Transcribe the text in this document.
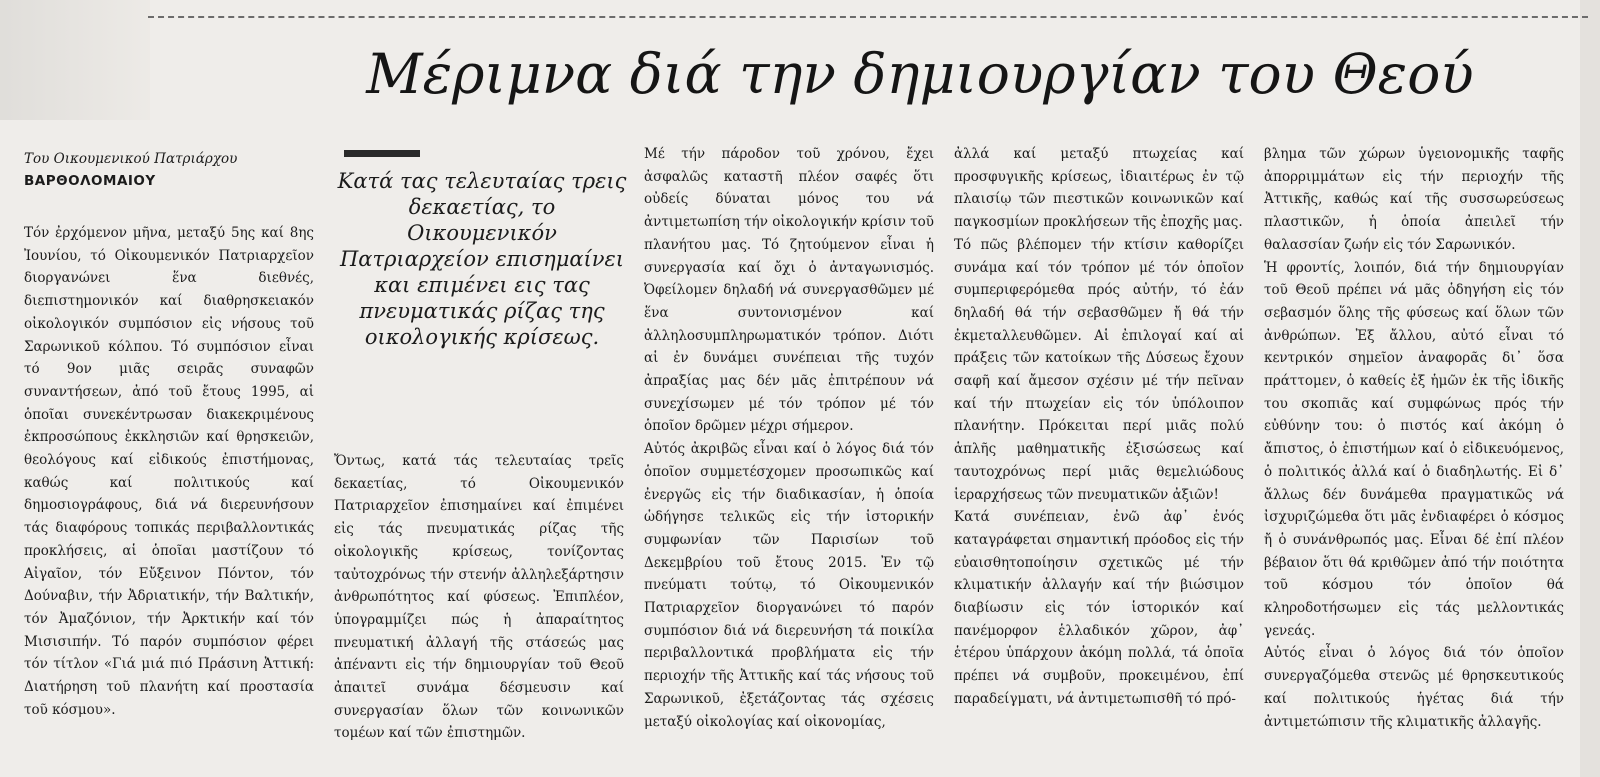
Μέριμνα διά την δημιουργίαν του Θεού
Του Οικουμενικού Πατριάρχου
ΒΑΡΘΟΛΟΜΑΙΟΥ	Κατά τας τελευταίας τρεις δεκαετίας, το Οικουμενικόν Πατριαρχείον επισημαίνει και επιμένει εις τας πνευματικάς ρίζας της οικολογικής κρίσεως.

Τόν ἐρχόμενον μῆνα, μεταξύ 5ης καί 8ης Ἰουνίου, τό Οἰκουμενικόν Πατριαρχεῖον διοργανώνει ἕνα διεθνές, διεπιστημονικόν καί διαθρησκειακόν οἰκολογικόν συμπόσιον εἰς νήσους τοῦ Σαρωνικοῦ κόλπου. Τό συμπόσιον εἶναι τό 9ον μιᾶς σειρᾶς συναφῶν συναντήσεων, ἀπό τοῦ ἔτους 1995, αἱ ὁποῖαι συνεκέντρωσαν διακεκριμένους ἐκπροσώπους ἐκκλησιῶν καί θρησκειῶν, θεολόγους καί εἰδικούς ἐπιστήμονας, καθώς καί πολιτικούς καί δημοσιογράφους, διά νά διερευνήσουν τάς διαφόρους τοπικάς περιβαλλοντικάς προκλήσεις, αἱ ὁποῖαι μαστίζουν τό Αἰγαῖον, τόν Εὔξεινον Πόντον, τόν Δούναβιν, τήν Ἀδριατικήν, τήν Βαλτικήν, τόν Ἀμαζόνιον, τήν Ἀρκτικήν καί τόν Μισισιπήν. Τό παρόν συμπόσιον φέρει τόν τίτλον «Γιά μιά πιό Πράσινη Ἀττική: Διατήρηση τοῦ πλανήτη καί προστασία τοῦ κόσμου».

Ὄντως, κατά τάς τελευταίας τρεῖς δεκαετίας, τό Οἰκουμενικόν Πατριαρχεῖον ἐπισημαίνει καί ἐπιμένει εἰς τάς πνευματικάς ρίζας τῆς οἰκολογικῆς κρίσεως, τονίζοντας ταὐτοχρόνως τήν στενήν ἀλληλεξάρτησιν ἀνθρωπότητος καί φύσεως. Ἐπιπλέον, ὑπογραμμίζει πώς ἡ ἀπαραίτητος πνευματική ἀλλαγή τῆς στάσεώς μας ἀπέναντι εἰς τήν δημιουργίαν τοῦ Θεοῦ ἀπαιτεῖ συνάμα δέσμευσιν καί συνεργασίαν ὅλων τῶν κοινωνικῶν τομέων καί τῶν ἐπιστημῶν.

Μέ τήν πάροδον τοῦ χρόνου, ἔχει ἀσφαλῶς καταστῆ πλέον σαφές ὅτι οὐδείς δύναται μόνος του νά ἀντιμετωπίση τήν οἰκολογικήν κρίσιν τοῦ πλανήτου μας. Τό ζητούμενον εἶναι ἡ συνεργασία καί ὄχι ὁ ἀνταγωνισμός. Ὀφείλομεν δηλαδή νά συνεργασθῶμεν μέ ἕνα συντονισμένον καί ἀλληλοσυμπληρωματικόν τρόπον. Διότι αἱ ἐν δυνάμει συνέπειαι τῆς τυχόν ἀπραξίας μας δέν μᾶς ἐπιτρέπουν νά συνεχίσωμεν μέ τόν τρόπον μέ τόν ὁποῖον δρῶμεν μέχρι σήμερον.

Αὐτός ἀκριβῶς εἶναι καί ὁ λόγος διά τόν ὁποῖον συμμετέσχομεν προσωπικῶς καί ἐνεργῶς εἰς τήν διαδικασίαν, ἡ ὁποία ὡδήγησε τελικῶς εἰς τήν ἱστορικήν συμφωνίαν τῶν Παρισίων τοῦ Δεκεμβρίου τοῦ ἔτους 2015. Ἐν τῷ πνεύματι τούτῳ, τό Οἰκουμενικόν Πατριαρχεῖον διοργανώνει τό παρόν συμπόσιον διά νά διερευνήση τά ποικίλα περιβαλλοντικά προβλήματα εἰς τήν περιοχήν τῆς Ἀττικῆς καί τάς νήσους τοῦ Σαρωνικοῦ, ἐξετάζοντας τάς σχέσεις μεταξύ οἰκολογίας καί οἰκονομίας,

ἀλλά καί μεταξύ πτωχείας καί προσφυγικῆς κρίσεως, ἰδιαιτέρως ἐν τῷ πλαισίῳ τῶν πιεστικῶν κοινωνικῶν καί παγκοσμίων προκλήσεων τῆς ἐποχῆς μας.

Τό πῶς βλέπομεν τήν κτίσιν καθορίζει συνάμα καί τόν τρόπον μέ τόν ὁποῖον συμπεριφερόμεθα πρός αὐτήν, τό ἐάν δηλαδή θά τήν σεβασθῶμεν ἤ θά τήν ἐκμεταλλευθῶμεν. Αἱ ἐπιλογαί καί αἱ πράξεις τῶν κατοίκων τῆς Δύσεως ἔχουν σαφῆ καί ἄμεσον σχέσιν μέ τήν πεῖναν καί τήν πτωχείαν εἰς τόν ὑπόλοιπον πλανήτην. Πρόκειται περί μιᾶς πολύ ἁπλῆς μαθηματικῆς ἐξισώσεως καί ταυτοχρόνως περί μιᾶς θεμελιώδους ἱεραρχήσεως τῶν πνευματικῶν ἀξιῶν!

Κατά συνέπειαν, ἐνῶ ἀφ᾽ ἑνός καταγράφεται σημαντική πρόοδος εἰς τήν εὐαισθητοποίησιν σχετικῶς μέ τήν κλιματικήν ἀλλαγήν καί τήν βιώσιμον διαβίωσιν εἰς τόν ἱστορικόν καί πανέμορφον ἑλλαδικόν χῶρον, ἀφ᾽ ἑτέρου ὑπάρχουν ἀκόμη πολλά, τά ὁποῖα πρέπει νά συμβοῦν, προκειμένου, ἐπί παραδείγματι, νά ἀντιμετωπισθῆ τό πρό-

βλημα τῶν χώρων ὑγειονομικῆς ταφῆς ἀπορριμμάτων εἰς τήν περιοχήν τῆς Ἀττικῆς, καθώς καί τῆς συσσωρεύσεως πλαστικῶν, ἡ ὁποία ἀπειλεῖ τήν θαλασσίαν ζωήν εἰς τόν Σαρωνικόν.

Ἡ φροντίς, λοιπόν, διά τήν δημιουργίαν τοῦ Θεοῦ πρέπει νά μᾶς ὁδηγήση εἰς τόν σεβασμόν ὅλης τῆς φύσεως καί ὅλων τῶν ἀνθρώπων. Ἐξ ἄλλου, αὐτό εἶναι τό κεντρικόν σημεῖον ἀναφορᾶς δι᾽ ὅσα πράττομεν, ὁ καθείς ἐξ ἡμῶν ἐκ τῆς ἰδικῆς του σκοπιᾶς καί συμφώνως πρός τήν εὐθύνην του: ὁ πιστός καί ἀκόμη ὁ ἄπιστος, ὁ ἐπιστήμων καί ὁ εἰδικευόμενος, ὁ πολιτικός ἀλλά καί ὁ διαδηλωτής. Εἰ δ᾽ ἄλλως δέν δυνάμεθα πραγματικῶς νά ἰσχυριζώμεθα ὅτι μᾶς ἐνδιαφέρει ὁ κόσμος ἤ ὁ συνάνθρωπός μας. Εἶναι δέ ἐπί πλέον βέβαιον ὅτι θά κριθῶμεν ἀπό τήν ποιότητα τοῦ κόσμου τόν ὁποῖον θά κληροδοτήσωμεν εἰς τάς μελλοντικάς γενεάς.

Αὐτός εἶναι ὁ λόγος διά τόν ὁποῖον συνεργαζόμεθα στενῶς μέ θρησκευτικούς καί πολιτικούς ἡγέτας διά τήν ἀντιμετώπισιν τῆς κλιματικῆς ἀλλαγῆς.
